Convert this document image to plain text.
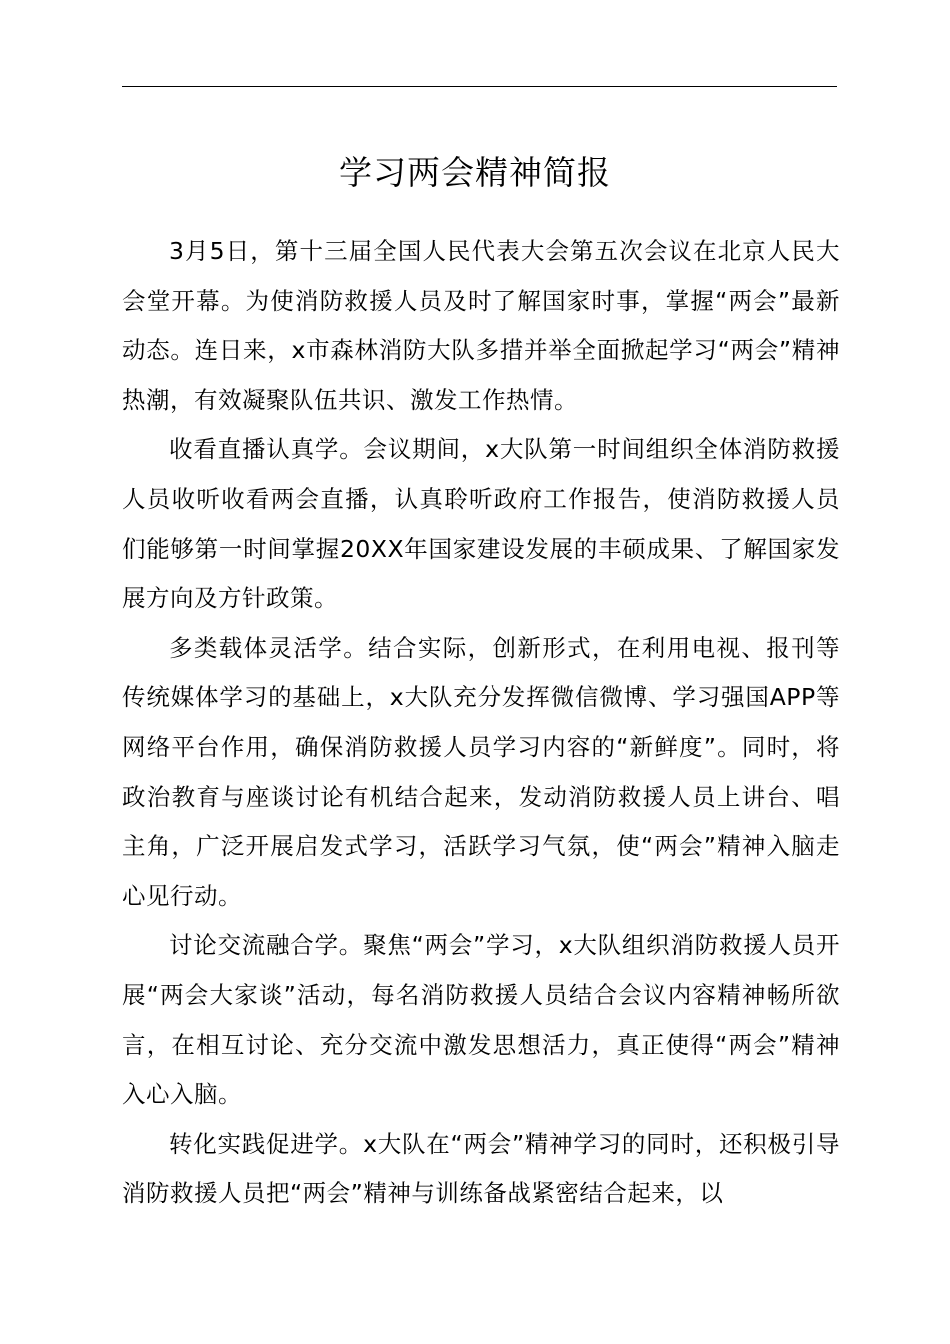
学习两会精神简报

3月5日，第十三届全国人民代表大会第五次会议在北京人民大会堂开幕。为使消防救援人员及时了解国家时事，掌握“两会”最新动态。连日来，x市森林消防大队多措并举全面掀起学习“两会”精神热潮，有效凝聚队伍共识、激发工作热情。

收看直播认真学。会议期间，x大队第一时间组织全体消防救援人员收听收看两会直播，认真聆听政府工作报告，使消防救援人员们能够第一时间掌握20XX年国家建设发展的丰硕成果、了解国家发展方向及方针政策。

多类载体灵活学。结合实际，创新形式，在利用电视、报刊等传统媒体学习的基础上，x大队充分发挥微信微博、学习强国APP等网络平台作用，确保消防救援人员学习内容的“新鲜度”。同时，将政治教育与座谈讨论有机结合起来，发动消防救援人员上讲台、唱主角，广泛开展启发式学习，活跃学习气氛，使“两会”精神入脑走心见行动。

讨论交流融合学。聚焦“两会”学习，x大队组织消防救援人员开展“两会大家谈”活动，每名消防救援人员结合会议内容精神畅所欲言，在相互讨论、充分交流中激发思想活力，真正使得“两会”精神入心入脑。

转化实践促进学。x大队在“两会”精神学习的同时，还积极引导消防救援人员把“两会”精神与训练备战紧密结合起来，以
